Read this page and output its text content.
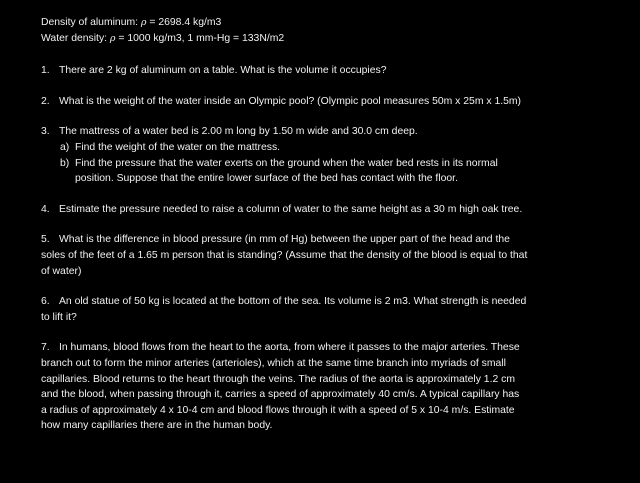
Density of aluminum: ρ = 2698.4 kg/m3
Water density: ρ = 1000 kg/m3, 1 mm-Hg = 133N/m2
1. There are 2 kg of aluminum on a table. What is the volume it occupies?
2. What is the weight of the water inside an Olympic pool? (Olympic pool measures 50m x 25m x 1.5m)
3. The mattress of a water bed is 2.00 m long by 1.50 m wide and 30.0 cm deep.
a) Find the weight of the water on the mattress.
b) Find the pressure that the water exerts on the ground when the water bed rests in its normal
position. Suppose that the entire lower surface of the bed has contact with the floor.
4. Estimate the pressure needed to raise a column of water to the same height as a 30 m high oak tree.
5. What is the difference in blood pressure (in mm of Hg) between the upper part of the head and the
soles of the feet of a 1.65 m person that is standing? (Assume that the density of the blood is equal to that
of water)
6. An old statue of 50 kg is located at the bottom of the sea. Its volume is 2 m3. What strength is needed
to lift it?
7. In humans, blood flows from the heart to the aorta, from where it passes to the major arteries. These
branch out to form the minor arteries (arterioles), which at the same time branch into myriads of small
capillaries. Blood returns to the heart through the veins. The radius of the aorta is approximately 1.2 cm
and the blood, when passing through it, carries a speed of approximately 40 cm/s. A typical capillary has
a radius of approximately 4 x 10-4 cm and blood flows through it with a speed of 5 x 10-4 m/s. Estimate
how many capillaries there are in the human body.
